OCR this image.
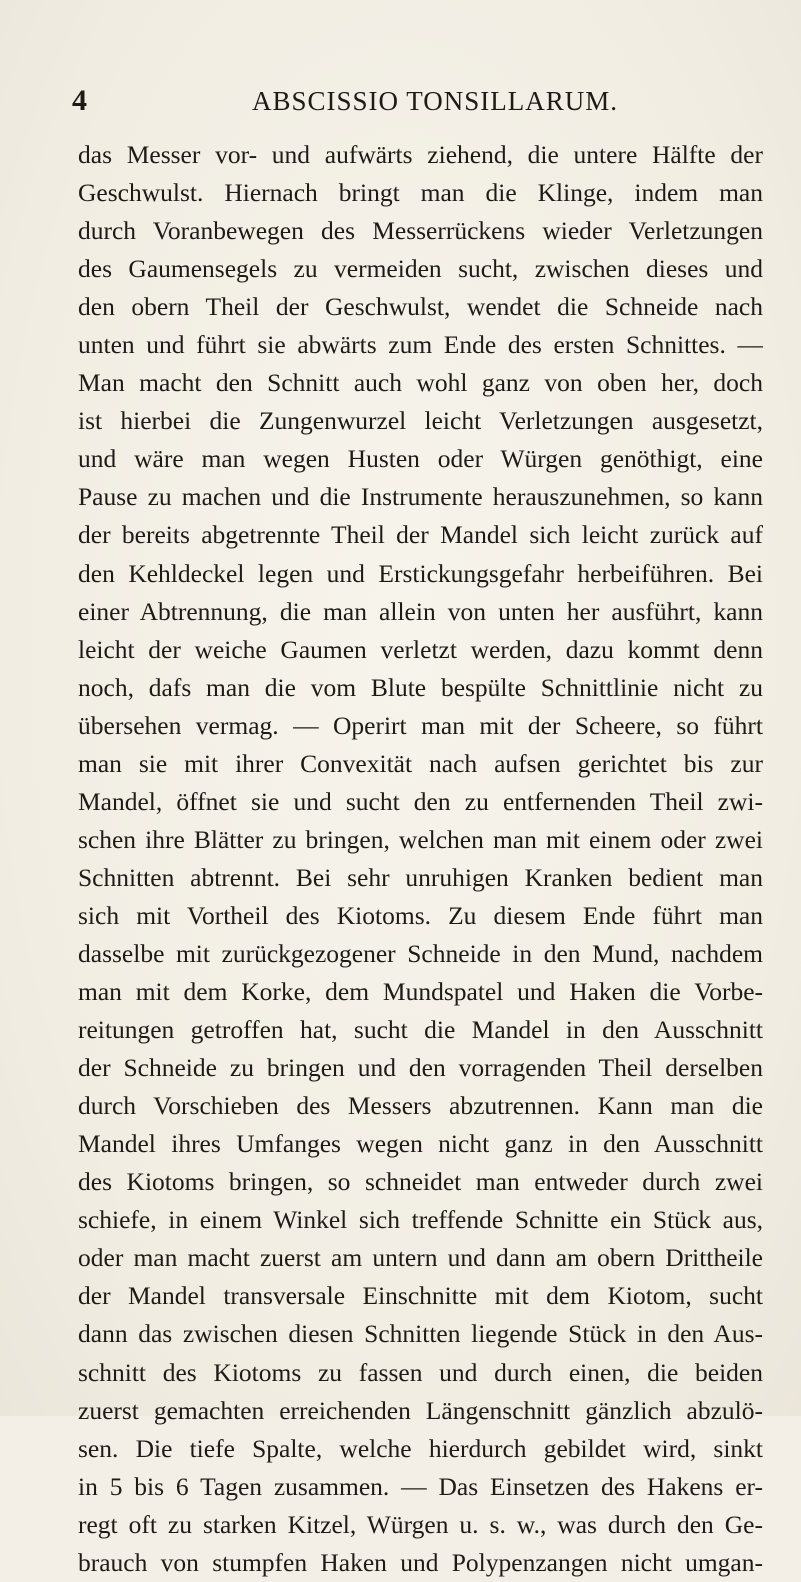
4	ABSCISSIO TONSILLARUM.
das Messer vor- und aufwärts ziehend, die untere Hälfte der
Geschwulst. Hiernach bringt man die Klinge, indem man
durch Voranbewegen des Messerrückens wieder Verletzungen
des Gaumensegels zu vermeiden sucht, zwischen dieses und
den obern Theil der Geschwulst, wendet die Schneide nach
unten und führt sie abwärts zum Ende des ersten Schnittes. —
Man macht den Schnitt auch wohl ganz von oben her, doch
ist hierbei die Zungenwurzel leicht Verletzungen ausgesetzt,
und wäre man wegen Husten oder Würgen genöthigt, eine
Pause zu machen und die Instrumente herauszunehmen, so kann
der bereits abgetrennte Theil der Mandel sich leicht zurück auf
den Kehldeckel legen und Erstickungsgefahr herbeiführen. Bei
einer Abtrennung, die man allein von unten her ausführt, kann
leicht der weiche Gaumen verletzt werden, dazu kommt denn
noch, dafs man die vom Blute bespülte Schnittlinie nicht zu
übersehen vermag. — Operirt man mit der Scheere, so führt
man sie mit ihrer Convexität nach aufsen gerichtet bis zur
Mandel, öffnet sie und sucht den zu entfernenden Theil zwi-
schen ihre Blätter zu bringen, welchen man mit einem oder zwei
Schnitten abtrennt. Bei sehr unruhigen Kranken bedient man
sich mit Vortheil des Kiotoms. Zu diesem Ende führt man
dasselbe mit zurückgezogener Schneide in den Mund, nachdem
man mit dem Korke, dem Mundspatel und Haken die Vorbe-
reitungen getroffen hat, sucht die Mandel in den Ausschnitt
der Schneide zu bringen und den vorragenden Theil derselben
durch Vorschieben des Messers abzutrennen. Kann man die
Mandel ihres Umfanges wegen nicht ganz in den Ausschnitt
des Kiotoms bringen, so schneidet man entweder durch zwei
schiefe, in einem Winkel sich treffende Schnitte ein Stück aus,
oder man macht zuerst am untern und dann am obern Drittheile
der Mandel transversale Einschnitte mit dem Kiotom, sucht
dann das zwischen diesen Schnitten liegende Stück in den Aus-
schnitt des Kiotoms zu fassen und durch einen, die beiden
zuerst gemachten erreichenden Längenschnitt gänzlich abzulö-
sen. Die tiefe Spalte, welche hierdurch gebildet wird, sinkt
in 5 bis 6 Tagen zusammen. — Das Einsetzen des Hakens er-
regt oft zu starken Kitzel, Würgen u. s. w., was durch den Ge-
brauch von stumpfen Haken und Polypenzangen nicht umgan-
